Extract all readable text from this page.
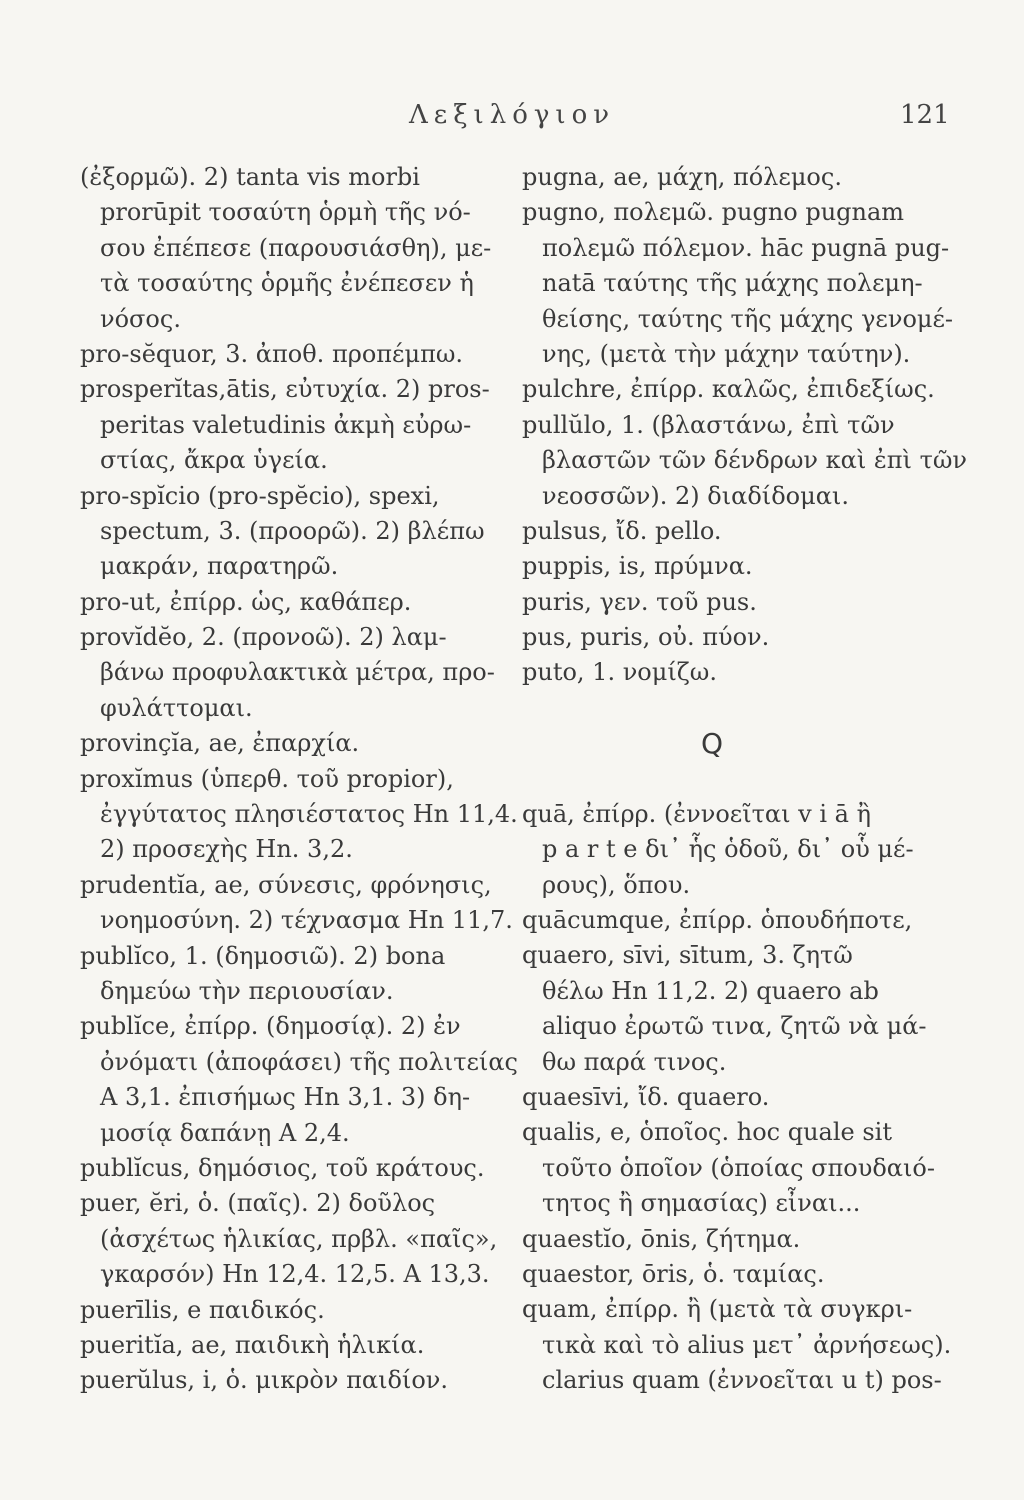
Λεξιλόγιον	121
(ἐξορμῶ). 2) tanta vis morbi
prorūpit τοσαύτη ὁρμὴ τῆς νό-
σου ἐπέπεσε (παρουσιάσθη), με-
τὰ τοσαύτης ὁρμῆς ἐνέπεσεν ἡ
νόσος.
pro-sĕquor, 3. ἀποθ. προπέμπω.
prosperĭtas,ātis, εὐτυχία. 2) pros-
peritas valetudinis ἀκμὴ εὐρω-
στίας, ἄκρα ὑγεία.
pro-spĭcio (pro-spĕcio), spexi,
spectum, 3. (προορῶ). 2) βλέπω
μακράν, παρατηρῶ.
pro-ut, ἐπίρρ. ὡς, καθάπερ.
provĭdĕo, 2. (προνοῶ). 2) λαμ-
βάνω προφυλακτικὰ μέτρα, προ-
φυλάττομαι.
provinçĭa, ae, ἐπαρχία.
proxĭmus (ὑπερθ. τοῦ propior),
ἐγγύτατος πλησιέστατος Ηn 11,4.
2) προσεχὴς Ηn. 3,2.
prudentĭa, ae, σύνεσις, φρόνησις,
νοημοσύνη. 2) τέχνασμα Ηn 11,7.
publĭco, 1. (δημοσιῶ). 2) bona
δημεύω τὴν περιουσίαν.
publĭce, ἐπίρρ. (δημοσίᾳ). 2) ἐν
ὀνόματι (ἀποφάσει) τῆς πολιτείας
A 3,1. ἐπισήμως Ηn 3,1. 3) δη-
μοσίᾳ δαπάνῃ A 2,4.
publĭcus, δημόσιος, τοῦ κράτους.
puer, ĕri, ὁ. (παῖς). 2) δοῦλος
(ἀσχέτως ἡλικίας, πρβλ. «παῖς»,
γκαρσόν) Ηn 12,4. 12,5. A 13,3.
puerīlis, e παιδικός.
pueritĭa, ae, παιδικὴ ἡλικία.
puerŭlus, i, ὁ. μικρὸν παιδίον.
pugna, ae, μάχη, πόλεμος.
pugno, πολεμῶ. pugno pugnam
πολεμῶ πόλεμον. hāc pugnā pug-
natā ταύτης τῆς μάχης πολεμη-
θείσης, ταύτης τῆς μάχης γενομέ-
νης, (μετὰ τὴν μάχην ταύτην).
pulchre, ἐπίρρ. καλῶς, ἐπιδεξίως.
pullŭlo, 1. (βλαστάνω, ἐπὶ τῶν
βλαστῶν τῶν δένδρων καὶ ἐπὶ τῶν
νεοσσῶν). 2) διαδίδομαι.
pulsus, ἴδ. pello.
puppis, is, πρύμνα.
puris, γεν. τοῦ pus.
pus, puris, οὐ. πύον.
puto, 1. νομίζω.
Q
quā, ἐπίρρ. (ἐννοεῖται v i ā ἢ
p a r t e δι᾽ ἧς ὁδοῦ, δι᾽ οὗ μέ-
ρους), ὅπου.
quācumque, ἐπίρρ. ὁπουδήποτε,
quaero, sīvi, sītum, 3. ζητῶ
θέλω Ηn 11,2. 2) quaero ab
aliquo ἐρωτῶ τινα, ζητῶ νὰ μά-
θω παρά τινος.
quaesīvi, ἴδ. quaero.
qualis, e, ὁποῖος. hoc quale sit
τοῦτο ὁποῖον (ὁποίας σπουδαιό-
τητος ἢ σημασίας) εἶναι...
quaestĭo, ōnis, ζήτημα.
quaestor, ōris, ὁ. ταμίας.
quam, ἐπίρρ. ἢ (μετὰ τὰ συγκρι-
τικὰ καὶ τὸ alius μετ᾽ ἀρνήσεως).
clarius quam (ἐννοεῖται u t) pos-
